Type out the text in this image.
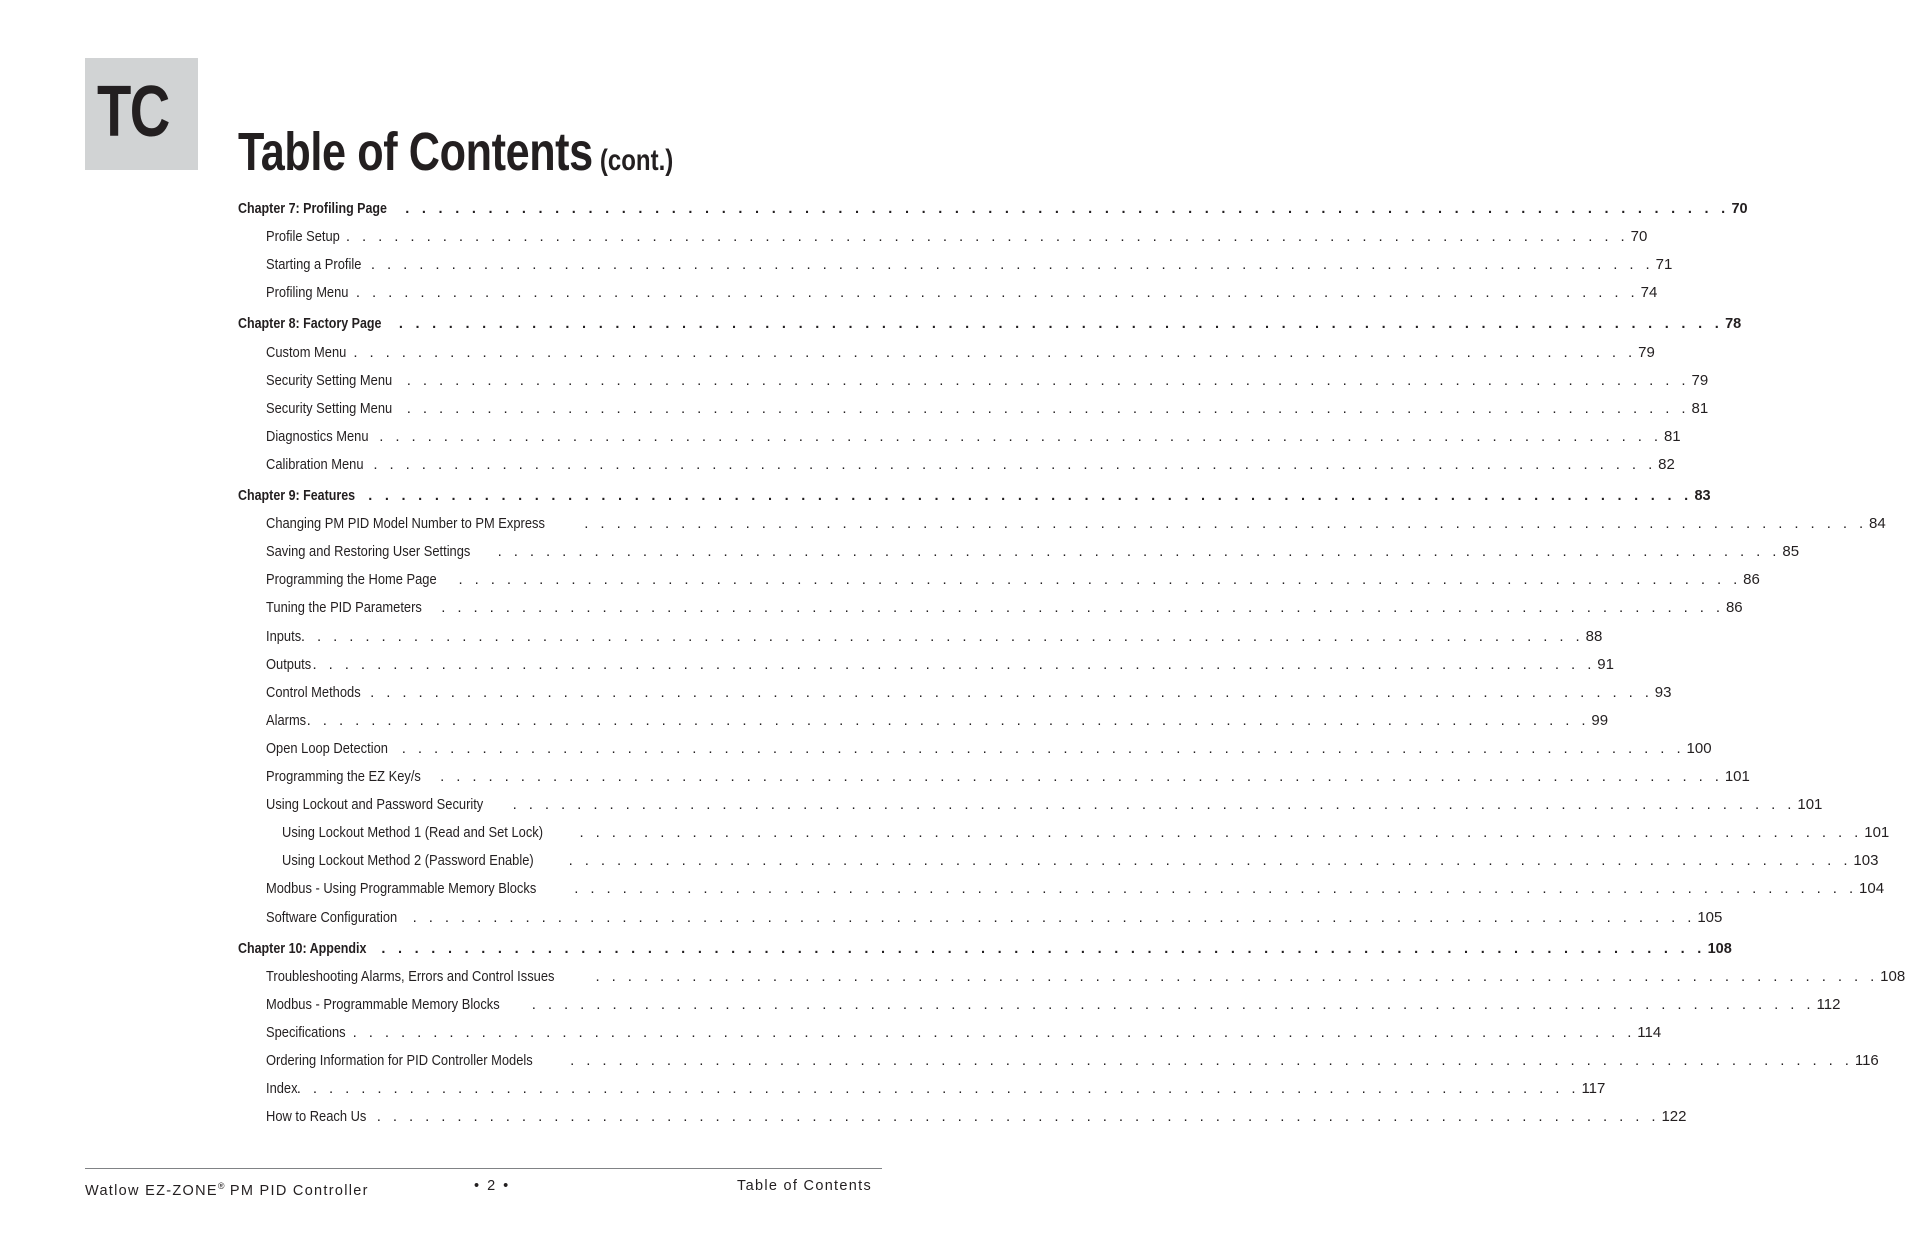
TC Table of Contents (cont.)
Chapter 7: Profiling Page . . . . . . . . . . . . . . . . . . . . . . . . . . . . . . . . . . . . . . . . . . . . . . . . . . . . . . . . . . . . . . . . . . . . . . . . . . . . . . . . 70
Profile Setup . . . . . . . . . . . . . . . . . . . . . . . . . . . . . . . . . . . . . . . . . . . . . . . . . . . . . . . . . . . . . . . . . . . . . . . . . . . . . . . . 70
Starting a Profile . . . . . . . . . . . . . . . . . . . . . . . . . . . . . . . . . . . . . . . . . . . . . . . . . . . . . . . . . . . . . . . . . . . . . . . . . . . . . . . . 71
Profiling Menu . . . . . . . . . . . . . . . . . . . . . . . . . . . . . . . . . . . . . . . . . . . . . . . . . . . . . . . . . . . . . . . . . . . . . . . . . . . . . . . . 74
Chapter 8: Factory Page . . . . . . . . . . . . . . . . . . . . . . . . . . . . . . . . . . . . . . . . . . . . . . . . . . . . . . . . . . . . . . . . . . . . . . . . . . . . . . . . 78
Custom Menu . . . . . . . . . . . . . . . . . . . . . . . . . . . . . . . . . . . . . . . . . . . . . . . . . . . . . . . . . . . . . . . . . . . . . . . . . . . . . . . . 79
Security Setting Menu . . . . . . . . . . . . . . . . . . . . . . . . . . . . . . . . . . . . . . . . . . . . . . . . . . . . . . . . . . . . . . . . . . . . . . . . . . . . . . . . 79
Security Setting Menu . . . . . . . . . . . . . . . . . . . . . . . . . . . . . . . . . . . . . . . . . . . . . . . . . . . . . . . . . . . . . . . . . . . . . . . . . . . . . . . . 81
Diagnostics Menu . . . . . . . . . . . . . . . . . . . . . . . . . . . . . . . . . . . . . . . . . . . . . . . . . . . . . . . . . . . . . . . . . . . . . . . . . . . . . . . . 81
Calibration Menu . . . . . . . . . . . . . . . . . . . . . . . . . . . . . . . . . . . . . . . . . . . . . . . . . . . . . . . . . . . . . . . . . . . . . . . . . . . . . . . . 82
Chapter 9: Features . . . . . . . . . . . . . . . . . . . . . . . . . . . . . . . . . . . . . . . . . . . . . . . . . . . . . . . . . . . . . . . . . . . . . . . . . . . . . . . . 83
Changing PM PID Model Number to PM Express	. . . . . . . . . . . . . . . . . . . . . . . . . . . . . . . . . . . . . . . . . . . . . . . . . . . . . . . . . . . . . . . . . . . . . . . . . . . . . . . . 84
Saving and Restoring User Settings . . . . . . . . . . . . . . . . . . . . . . . . . . . . . . . . . . . . . . . . . . . . . . . . . . . . . . . . . . . . . . . . . . . . . . . . . . . . . . . . 85
Programming the Home Page . . . . . . . . . . . . . . . . . . . . . . . . . . . . . . . . . . . . . . . . . . . . . . . . . . . . . . . . . . . . . . . . . . . . . . . . . . . . . . . . 86
Tuning the PID Parameters . . . . . . . . . . . . . . . . . . . . . . . . . . . . . . . . . . . . . . . . . . . . . . . . . . . . . . . . . . . . . . . . . . . . . . . . . . . . . . . . 86
Inputs . . . . . . . . . . . . . . . . . . . . . . . . . . . . . . . . . . . . . . . . . . . . . . . . . . . . . . . . . . . . . . . . . . . . . . . . . . . . . . . . 88
Outputs . . . . . . . . . . . . . . . . . . . . . . . . . . . . . . . . . . . . . . . . . . . . . . . . . . . . . . . . . . . . . . . . . . . . . . . . . . . . . . . . 91
Control Methods . . . . . . . . . . . . . . . . . . . . . . . . . . . . . . . . . . . . . . . . . . . . . . . . . . . . . . . . . . . . . . . . . . . . . . . . . . . . . . . . 93
Alarms . . . . . . . . . . . . . . . . . . . . . . . . . . . . . . . . . . . . . . . . . . . . . . . . . . . . . . . . . . . . . . . . . . . . . . . . . . . . . . . . 99
Open Loop Detection . . . . . . . . . . . . . . . . . . . . . . . . . . . . . . . . . . . . . . . . . . . . . . . . . . . . . . . . . . . . . . . . . . . . . . . . . . . . . . . . 100
Programming the EZ Key/s . . . . . . . . . . . . . . . . . . . . . . . . . . . . . . . . . . . . . . . . . . . . . . . . . . . . . . . . . . . . . . . . . . . . . . . . . . . . . . . . 101
Using Lockout and Password Security . . . . . . . . . . . . . . . . . . . . . . . . . . . . . . . . . . . . . . . . . . . . . . . . . . . . . . . . . . . . . . . . . . . . . . . . . . . . . . . . 101
Using Lockout Method 1 (Read and Set Lock) . . . . . . . . . . . . . . . . . . . . . . . . . . . . . . . . . . . . . . . . . . . . . . . . . . . . . . . . . . . . . . . . . . . . . . . . . . . . . . . . 101
Using Lockout Method 2 (Password Enable) . . . . . . . . . . . . . . . . . . . . . . . . . . . . . . . . . . . . . . . . . . . . . . . . . . . . . . . . . . . . . . . . . . . . . . . . . . . . . . . . 103
Modbus - Using Programmable Memory Blocks	. . . . . . . . . . . . . . . . . . . . . . . . . . . . . . . . . . . . . . . . . . . . . . . . . . . . . . . . . . . . . . . . . . . . . . . . . . . . . . . . 104
Software Configuration . . . . . . . . . . . . . . . . . . . . . . . . . . . . . . . . . . . . . . . . . . . . . . . . . . . . . . . . . . . . . . . . . . . . . . . . . . . . . . . . 105
Chapter 10: Appendix . . . . . . . . . . . . . . . . . . . . . . . . . . . . . . . . . . . . . . . . . . . . . . . . . . . . . . . . . . . . . . . . . . . . . . . . . . . . . . . . 108
Troubleshooting Alarms, Errors and Control Issues	. . . . . . . . . . . . . . . . . . . . . . . . . . . . . . . . . . . . . . . . . . . . . . . . . . . . . . . . . . . . . . . . . . . . . . . . . . . . . . . . 108
Modbus - Programmable Memory Blocks . . . . . . . . . . . . . . . . . . . . . . . . . . . . . . . . . . . . . . . . . . . . . . . . . . . . . . . . . . . . . . . . . . . . . . . . . . . . . . . . 112
Specifications . . . . . . . . . . . . . . . . . . . . . . . . . . . . . . . . . . . . . . . . . . . . . . . . . . . . . . . . . . . . . . . . . . . . . . . . . . . . . . . . 114
Ordering Information for PID Controller Models . . . . . . . . . . . . . . . . . . . . . . . . . . . . . . . . . . . . . . . . . . . . . . . . . . . . . . . . . . . . . . . . . . . . . . . . . . . . . . . . 116
Index . . . . . . . . . . . . . . . . . . . . . . . . . . . . . . . . . . . . . . . . . . . . . . . . . . . . . . . . . . . . . . . . . . . . . . . . . . . . . . . . 117
How to Reach Us . . . . . . . . . . . . . . . . . . . . . . . . . . . . . . . . . . . . . . . . . . . . . . . . . . . . . . . . . . . . . . . . . . . . . . . . . . . . . . . . 122
Watlow EZ-ZONE® PM PID Controller	• 2 •	Table of Contents
